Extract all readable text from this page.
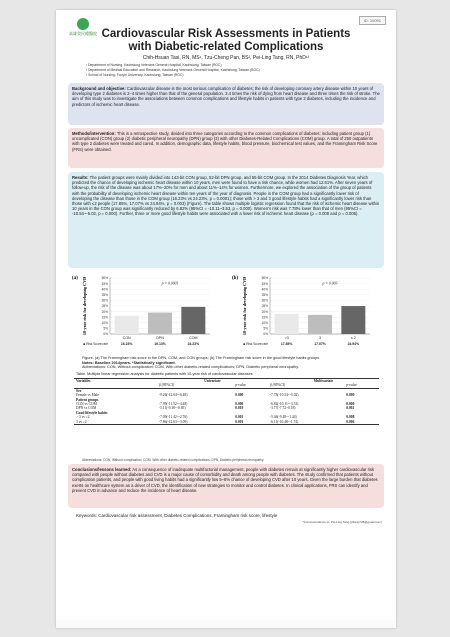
高雄榮民總醫院
ID: 10091
Cardiovascular Risk Assessments in Patients
with Diabetic-related Complications
Chih-Hsuan Tasi, RN, MS¹, Tzu-Cheng Pan, BS², Pei-Ling Tang, RN, PhD¹³
¹ Department of Nursing, Kaohsiung Veterans General Hospital, Kaohsiung, Taiwan (ROC)
² Department of Medical Education and Research, Kaohsiung Veterans General Hospital, Kaohsiung, Taiwan (ROC)
³ School of Nursing, Fooyin University, Kaohsiung, Taiwan (ROC)
Background and objective: Cardiovascular disease is the most serious complication of diabetes; the risk of developing coronary artery disease within 10 years of developing type 2 diabetes is 2–4 times higher than that of the general population. 3.4 times the risk of dying from heart disease and three times the risk of stroke. The aim of this study was to investigate the associations between common complications and lifestyle habits in patients with type 2 diabetes, including the incidence and predictors of ischemic heart disease.
Methods/intervention: This is a retrospective study, divided into three categories according to the common complications of diabetes: including patient group (1) uncomplicated (CON) group (2) diabetic peripheral neuropathy (DPN) group (3) with other Diabetes-Related Complications (COM) group. A total of 250 outpatients with type 2 diabetes were treated and cared. In addition, demographic data, lifestyle habits, blood pressure, biochemical test values, and the Framingham Risk Score (FRS) were obtained.
Results: The patient groups were mainly divided into 143-bit CON group, 52-bit DPN group, and 55-bit COM group. In the 2014 Diabetes Diagnosis Year, which predicted the chance of developing ischemic heart disease within 10 years, men were found to have a risk chance, while women had 12.61%. After seven years of follow-up, the risk of the disease was about 17%–20% for men and about 11%–14% for women. Furthermore, we explored the association of the group of patients with the probability of developing ischemic heart disease within ten years of the year of diagnosis. People in the COM group had a significantly lower risk of developing the disease than those in the COM group (16.23% vs 24.23%, p = 0.0001); those with > 3 and 3 good lifestyle habits had a significantly lower risk than those with ≤2 people (17.85%, 17.07% vs 24.94%, p = 0.003) (Figure). The table shows multiple logistic regression found that the risk of ischemic heart disease within 10 years in the CON group was significantly reduced by 6.82% (95%CI = -10.11~3.53, p = 0.000). Women's risk was 7.78% lower than that of men (95%CI = -10.54~-5.02, p = 0.000). Further, three or more good lifestyle habits were associated with a lower risk of ischemic heart disease (p = 0.008 and p = 0.006).
(a) 10-year risk for developing CVD	0%
5%
10%
15%
20%
25%
30%
35%
40%
45%
50%
CON
16.23%
DPN
19.13%
COM
24.23%
■ Risk Score rate
p = 0.0001
(b) 10-year risk for developing CVD	0%
5%
10%
15%
20%
25%
30%
35%
40%
45%
50%
>3
17.85%
3
17.07%
≤ 2
24.94%
■ Risk Score rate
p = 0.003
Figure. (a) The Framingham risk score in the DPN, COM, and CON groups; (b) The Framingham risk score in the good lifestyle habits groups.
Notes: Baseline 2014years. *Statistically significant.
Abbreviations: CON, Without complication; COM, With other diabetic-related complications; DPN, Diabetic peripheral neuropathy.
Table. Multiple linear regression analysis for diabetic patients with 10-year risk of cardiovascular diseases
Variables	Univariate		Multivariate	
	β (95%CI)	p-value	β (95%CI)	p-value
Sex				
Female vs Male	-9.26(-12.04~-6.48)	0.000	-7.78(-10.54~-5.02)	0.000
Patient groups				
CON vs COM	-7.99(-11.52~-4.48)	0.000	-6.82(-10.11~-3.53)	0.000
DPN vs COM	-5.11(-9.38~-0.85)	0.019	-3.77(-7.72~0.18)	0.061
Good lifestyle habits				
> 3 vs ≤2	-7.09(-11.42~-2.76)	0.001	-5.46(-9.48~-1.44)	0.008
3 vs ≤2	-7.86(-12.63~-3.09)	0.001	-6.11(-10.48~-1.74)	0.006
Abbreviations: CON, Without complication; COM, With other diabetic-related complications; DPN, Diabetic peripheral neuropathy.
Conclusions/lessons learned: As a consequence of inadequate multifactorial management, people with diabetes remain at significantly higher cardiovascular risk compared with people without diabetes and CVD is a major cause of comorbidity and death among people with diabetes. The study confirmed that patients without complication patients, and people with good living habits had a significantly low 5–8% chance of developing CVD after 10 years. Given the large burden that diabetes exerts on healthcare system as a driver of CVD, the identification of new strategies to monitor and control diabetes. In clinical applications, FRS can identify and prevent CVD in advance and reduce the incidence of heart disease.
Keywords: Cardiovascular risk assessment, Diabetes Complications, Framingham risk score, lifestyle
*Correspondence to: Pei-Ling Tang (pltang728@gmail.com)
